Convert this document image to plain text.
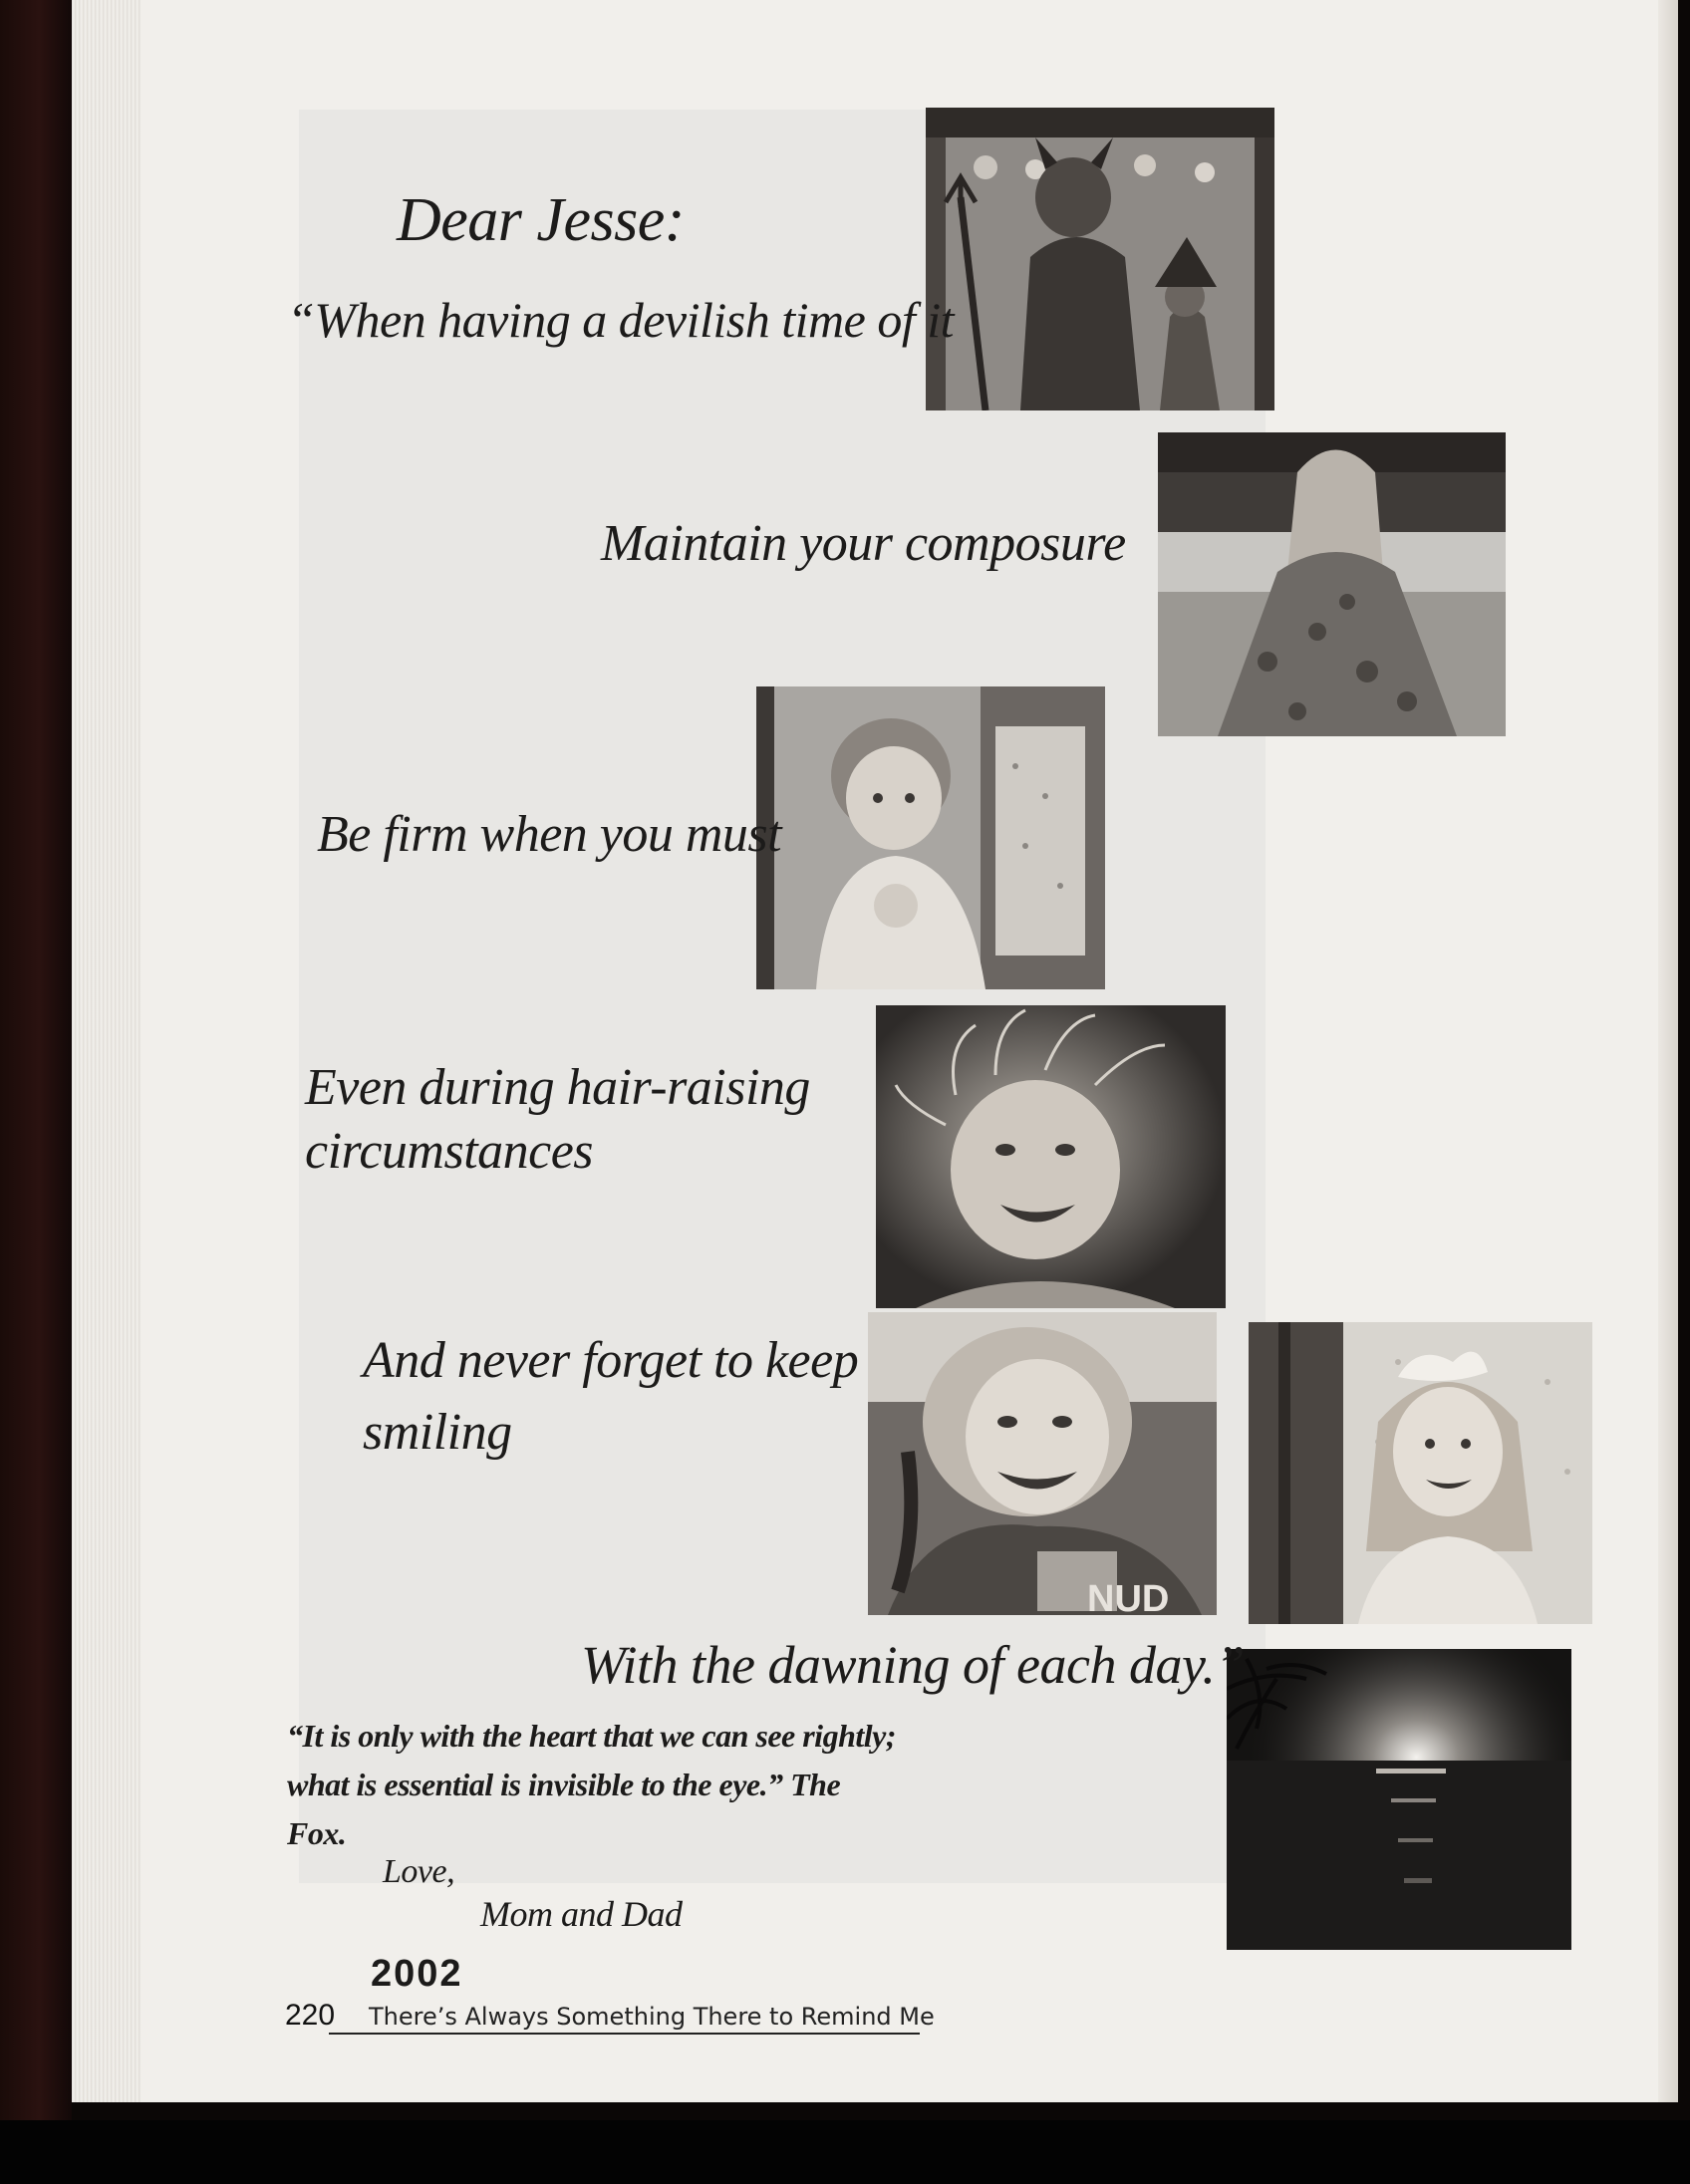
NUD
Dear Jesse:
“When having a devilish time of it
Maintain your composure
Be firm when you must
Even during hair-raising circumstances
And never forget to keep smiling
With the dawning of each day.”
“It is only with the heart that we can see rightly; what is essential is invisible to the eye.” The Fox.
Love,
Mom and Dad
2002
220 There’s Always Something There to Remind Me
